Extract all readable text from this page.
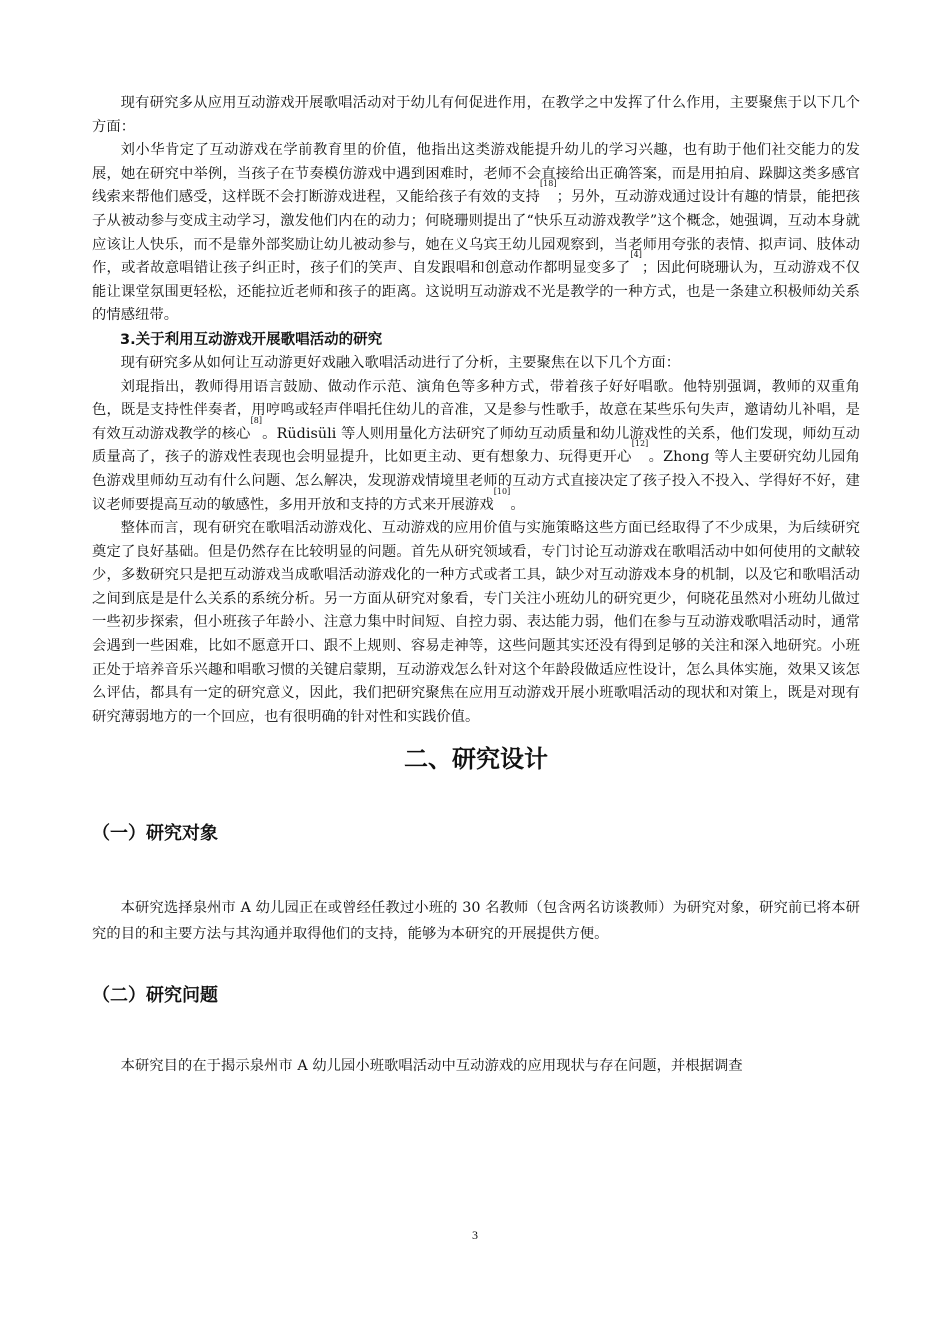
现有研究多从应用互动游戏开展歌唱活动对于幼儿有何促进作用，在教学之中发挥了什么作用，主要聚焦于以下几个方面：

刘小华肯定了互动游戏在学前教育里的价值，他指出这类游戏能提升幼儿的学习兴趣，也有助于他们社交能力的发展，她在研究中举例，当孩子在节奏模仿游戏中遇到困难时，老师不会直接给出正确答案，而是用拍肩、跺脚这类多感官线索来帮他们感受，这样既不会打断游戏进程，又能给孩子有效的支持[18]；另外，互动游戏通过设计有趣的情景，能把孩子从被动参与变成主动学习，激发他们内在的动力；何晓珊则提出了“快乐互动游戏教学”这个概念，她强调，互动本身就应该让人快乐，而不是靠外部奖励让幼儿被动参与，她在义乌宾王幼儿园观察到，当老师用夸张的表情、拟声词、肢体动作，或者故意唱错让孩子纠正时，孩子们的笑声、自发跟唱和创意动作都明显变多了[4]；因此何晓珊认为，互动游戏不仅能让课堂氛围更轻松，还能拉近老师和孩子的距离。这说明互动游戏不光是教学的一种方式，也是一条建立积极师幼关系的情感纽带。

3.关于利用互动游戏开展歌唱活动的研究

现有研究多从如何让互动游更好戏融入歌唱活动进行了分析，主要聚焦在以下几个方面：

刘琨指出，教师得用语言鼓励、做动作示范、演角色等多种方式，带着孩子好好唱歌。他特别强调，教师的双重角色，既是支持性伴奏者，用哼鸣或轻声伴唱托住幼儿的音准，又是参与性歌手，故意在某些乐句失声，邀请幼儿补唱，是有效互动游戏教学的核心[8]。Rüdisüli 等人则用量化方法研究了师幼互动质量和幼儿游戏性的关系，他们发现，师幼互动质量高了，孩子的游戏性表现也会明显提升，比如更主动、更有想象力、玩得更开心[12]。Zhong 等人主要研究幼儿园角色游戏里师幼互动有什么问题、怎么解决，发现游戏情境里老师的互动方式直接决定了孩子投入不投入、学得好不好，建议老师要提高互动的敏感性，多用开放和支持的方式来开展游戏[10]。

整体而言，现有研究在歌唱活动游戏化、互动游戏的应用价值与实施策略这些方面已经取得了不少成果，为后续研究奠定了良好基础。但是仍然存在比较明显的问题。首先从研究领域看，专门讨论互动游戏在歌唱活动中如何使用的文献较少，多数研究只是把互动游戏当成歌唱活动游戏化的一种方式或者工具，缺少对互动游戏本身的机制，以及它和歌唱活动之间到底是是什么关系的系统分析。另一方面从研究对象看，专门关注小班幼儿的研究更少，何晓花虽然对小班幼儿做过一些初步探索，但小班孩子年龄小、注意力集中时间短、自控力弱、表达能力弱，他们在参与互动游戏歌唱活动时，通常会遇到一些困难，比如不愿意开口、跟不上规则、容易走神等，这些问题其实还没有得到足够的关注和深入地研究。小班正处于培养音乐兴趣和唱歌习惯的关键启蒙期，互动游戏怎么针对这个年龄段做适应性设计，怎么具体实施，效果又该怎么评估，都具有一定的研究意义，因此，我们把研究聚焦在应用互动游戏开展小班歌唱活动的现状和对策上，既是对现有研究薄弱地方的一个回应，也有很明确的针对性和实践价值。

二、研究设计
（一）研究对象

本研究选择泉州市 A 幼儿园正在或曾经任教过小班的 30 名教师（包含两名访谈教师）为研究对象，研究前已将本研究的目的和主要方法与其沟通并取得他们的支持，能够为本研究的开展提供方便。

（二）研究问题

本研究目的在于揭示泉州市 A 幼儿园小班歌唱活动中互动游戏的应用现状与存在问题，并根据调查

3
